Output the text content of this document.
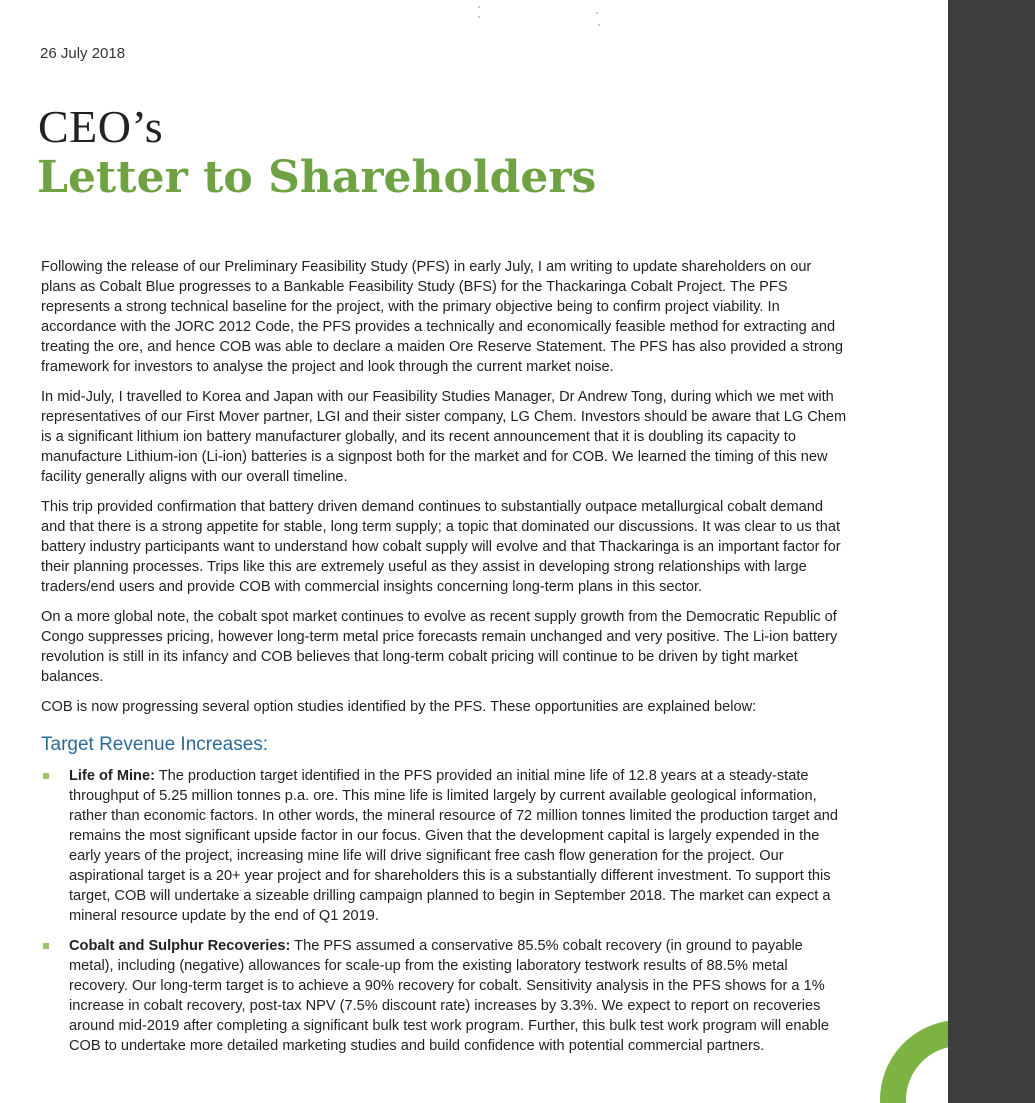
26 July 2018
CEO’s
Letter to Shareholders

Following the release of our Preliminary Feasibility Study (PFS) in early July, I am writing to update shareholders on our plans as Cobalt Blue progresses to a Bankable Feasibility Study (BFS) for the Thackaringa Cobalt Project. The PFS represents a strong technical baseline for the project, with the primary objective being to confirm project viability. In accordance with the JORC 2012 Code, the PFS provides a technically and economically feasible method for extracting and treating the ore, and hence COB was able to declare a maiden Ore Reserve Statement. The PFS has also provided a strong framework for investors to analyse the project and look through the current market noise.

In mid-July, I travelled to Korea and Japan with our Feasibility Studies Manager, Dr Andrew Tong, during which we met with representatives of our First Mover partner, LGI and their sister company, LG Chem. Investors should be aware that LG Chem is a significant lithium ion battery manufacturer globally, and its recent announcement that it is doubling its capacity to manufacture Lithium-ion (Li-ion) batteries is a signpost both for the market and for COB. We learned the timing of this new facility generally aligns with our overall timeline.

This trip provided confirmation that battery driven demand continues to substantially outpace metallurgical cobalt demand and that there is a strong appetite for stable, long term supply; a topic that dominated our discussions. It was clear to us that battery industry participants want to understand how cobalt supply will evolve and that Thackaringa is an important factor for their planning processes. Trips like this are extremely useful as they assist in developing strong relationships with large traders/end users and provide COB with commercial insights concerning long-term plans in this sector.

On a more global note, the cobalt spot market continues to evolve as recent supply growth from the Democratic Republic of Congo suppresses pricing, however long-term metal price forecasts remain unchanged and very positive. The Li-ion battery revolution is still in its infancy and COB believes that long-term cobalt pricing will continue to be driven by tight market balances.

COB is now progressing several option studies identified by the PFS. These opportunities are explained below:

Target Revenue Increases:
Life of Mine: The production target identified in the PFS provided an initial mine life of 12.8 years at a steady-state throughput of 5.25 million tonnes p.a. ore. This mine life is limited largely by current available geological information, rather than economic factors. In other words, the mineral resource of 72 million tonnes limited the production target and remains the most significant upside factor in our focus. Given that the development capital is largely expended in the early years of the project, increasing mine life will drive significant free cash flow generation for the project. Our aspirational target is a 20+ year project and for shareholders this is a substantially different investment. To support this target, COB will undertake a sizeable drilling campaign planned to begin in September 2018. The market can expect a mineral resource update by the end of Q1 2019.
Cobalt and Sulphur Recoveries: The PFS assumed a conservative 85.5% cobalt recovery (in ground to payable metal), including (negative) allowances for scale-up from the existing laboratory testwork results of 88.5% metal recovery. Our long-term target is to achieve a 90% recovery for cobalt. Sensitivity analysis in the PFS shows for a 1% increase in cobalt recovery, post-tax NPV (7.5% discount rate) increases by 3.3%. We expect to report on recoveries around mid-2019 after completing a significant bulk test work program. Further, this bulk test work program will enable COB to undertake more detailed marketing studies and build confidence with potential commercial partners.
